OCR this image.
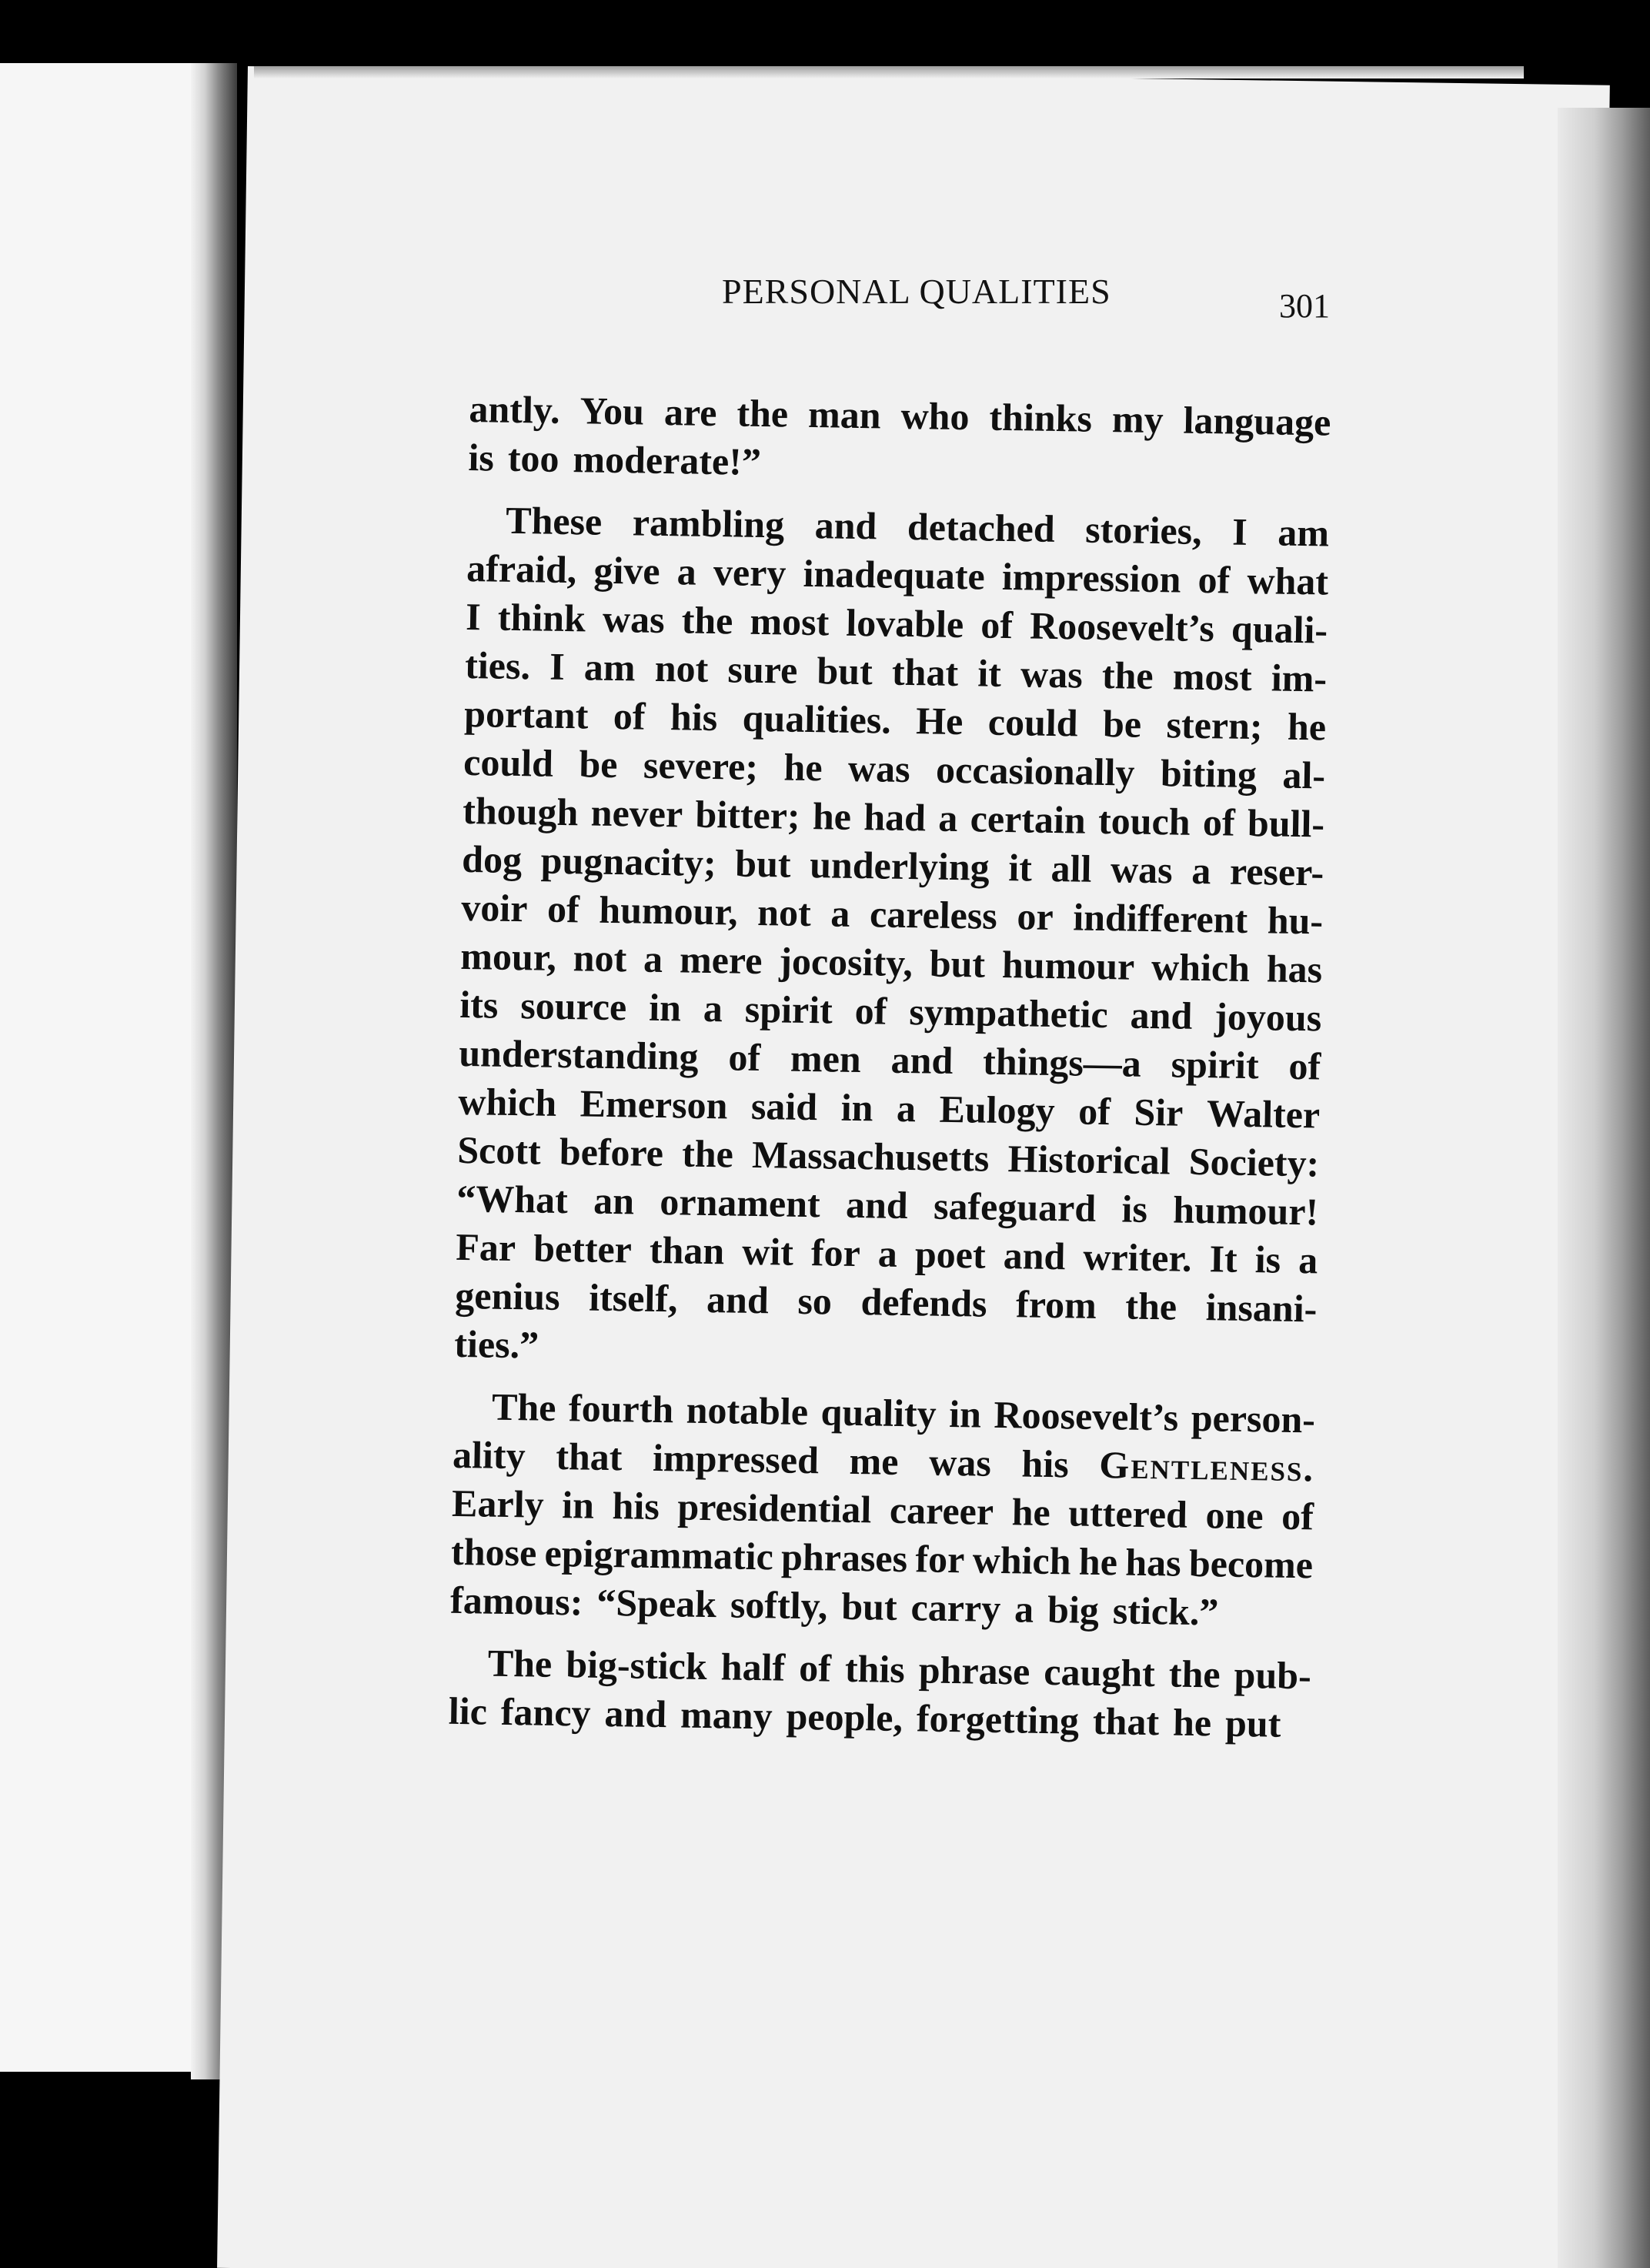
PERSONAL QUALITIES	301
antly. You are the man who thinks my language
is too moderate!”
These rambling and detached stories, I am
afraid, give a very inadequate impression of what
I think was the most lovable of Roosevelt’s quali-
ties. I am not sure but that it was the most im-
portant of his qualities. He could be stern; he
could be severe; he was occasionally biting al-
though never bitter; he had a certain touch of bull-
dog pugnacity; but underlying it all was a reser-
voir of humour, not a careless or indifferent hu-
mour, not a mere jocosity, but humour which has
its source in a spirit of sympathetic and joyous
understanding of men and things—a spirit of
which Emerson said in a Eulogy of Sir Walter
Scott before the Massachusetts Historical Society:
“What an ornament and safeguard is humour!
Far better than wit for a poet and writer. It is a
genius itself, and so defends from the insani-
ties.”
The fourth notable quality in Roosevelt’s person-
ality that impressed me was his Gentleness.
Early in his presidential career he uttered one of
those epigrammatic phrases for which he has become
famous: “Speak softly, but carry a big stick.”
The big-stick half of this phrase caught the pub-
lic fancy and many people, forgetting that he put
